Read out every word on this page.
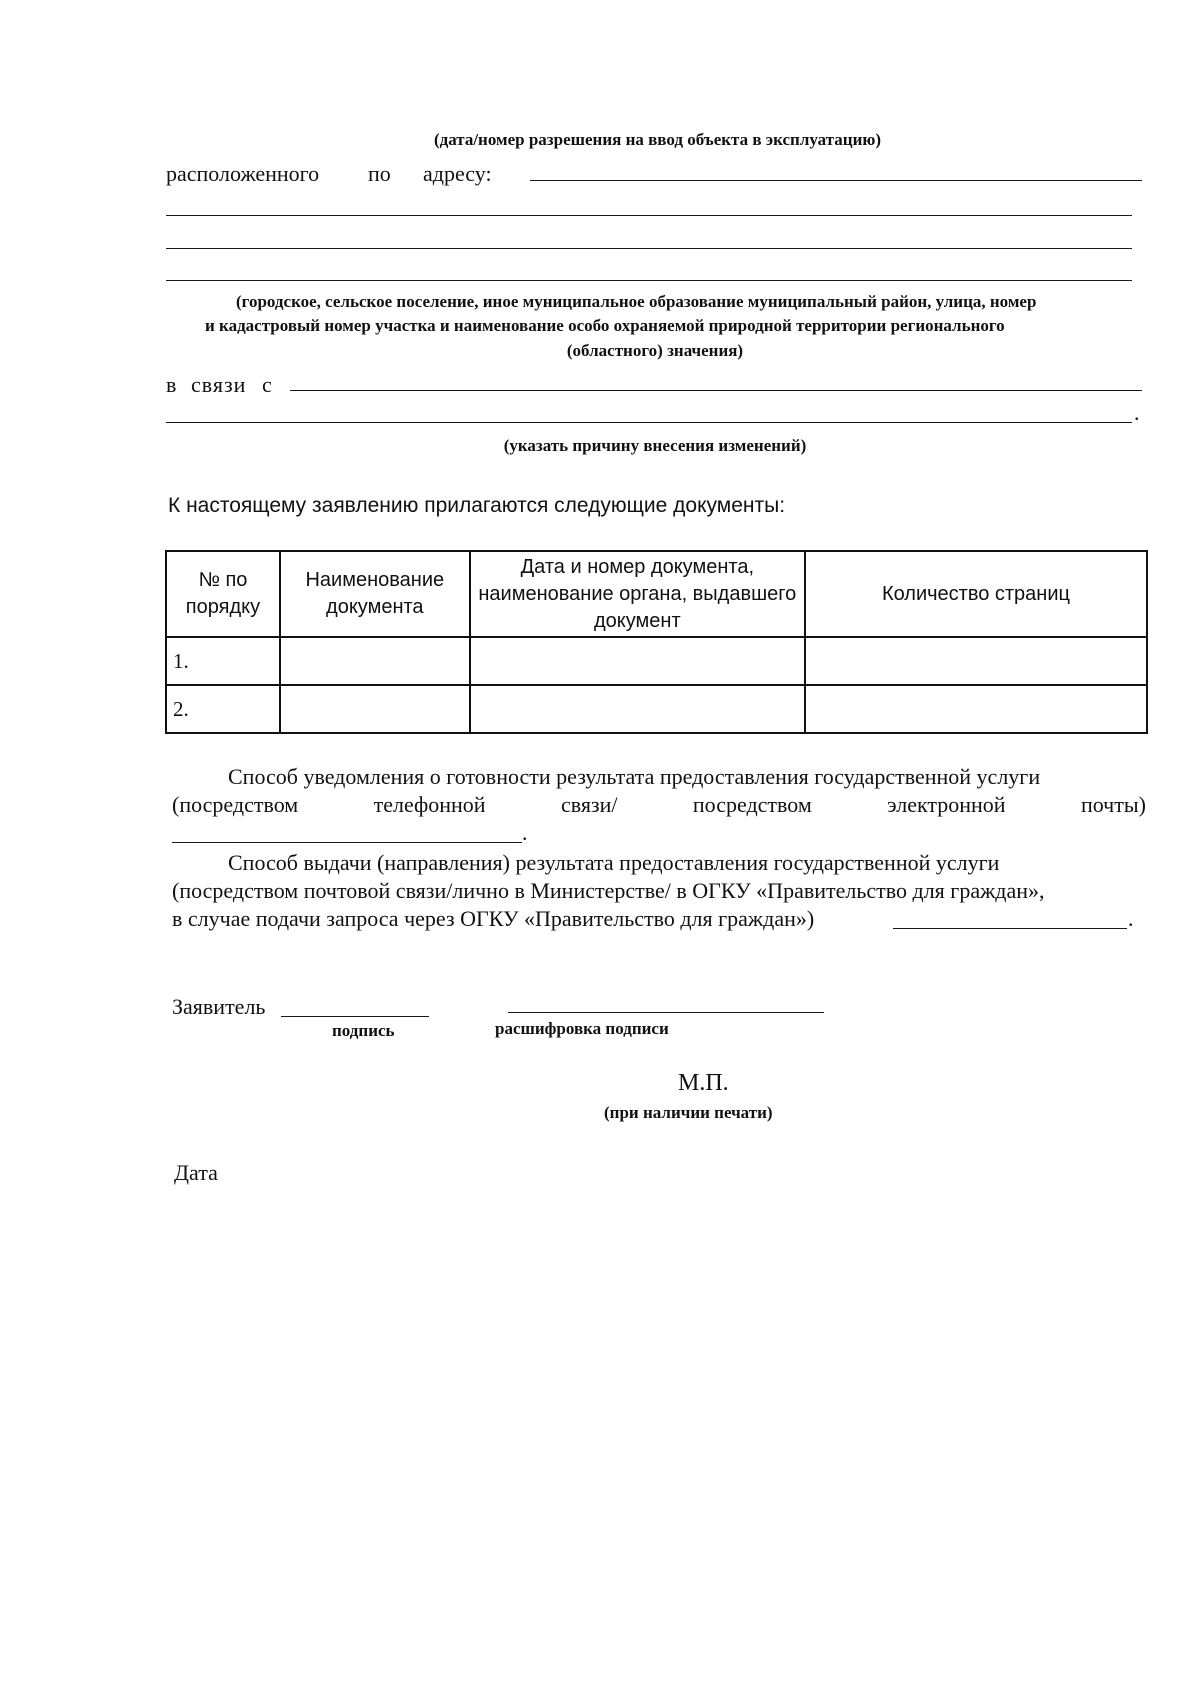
(дата/номер разрешения на ввод объекта в эксплуатацию)
расположенного по адресу:
(городское, сельское поселение, иное муниципальное образование муниципальный район, улица, номер
и кадастровый номер участка и наименование особо охраняемой природной территории регионального
(областного) значения)
в связи с
.
(указать причину внесения изменений)
К настоящему заявлению прилагаются следующие документы:
№ по порядку	Наименование документа	Дата и номер документа, наименование органа, выдавшего документ	Количество страниц
1.			
2.			
Способ уведомления о готовности результата предоставления государственной услуги
(посредством	телефонной	связи/	посредством	электронной	почты)
.
Способ выдачи (направления) результата предоставления государственной услуги
(посредством почтовой связи/лично в Министерстве/ в ОГКУ «Правительство для граждан»,
в случае подачи запроса через ОГКУ «Правительство для граждан»)	.
Заявитель
подпись	расшифровка подписи
М.П.
(при наличии печати)
Дата
